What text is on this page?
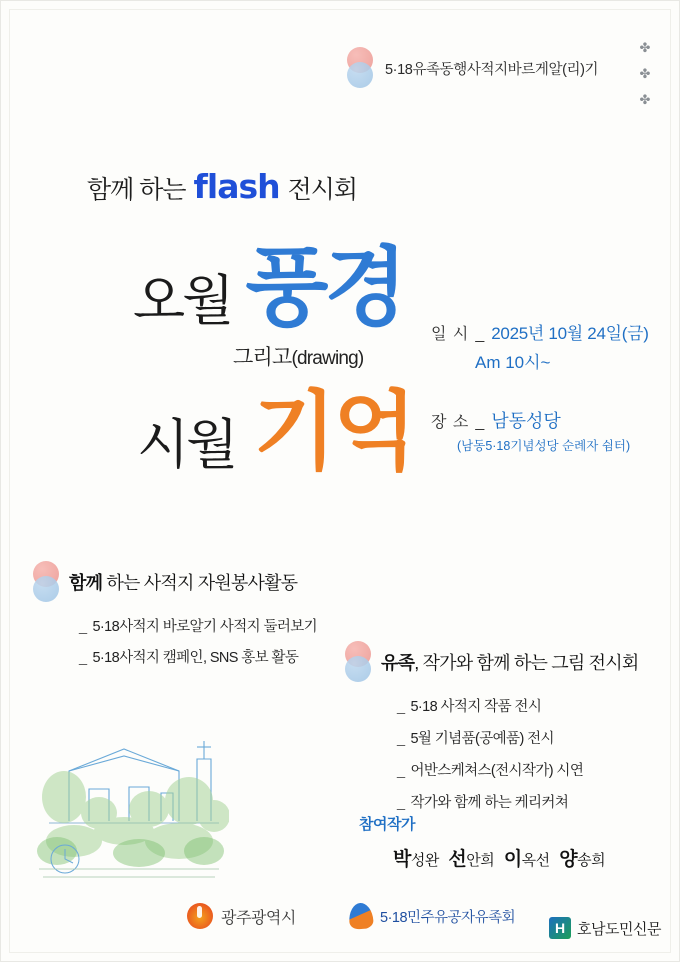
5·18유족동행사적지바르게알(리)기
✤
✤
✤
함께 하는 flash 전시회
오월 풍경
그리고(drawing)
시월 기억
일 시 _ 2025년 10월 24일(금)
Am 10시~
장 소 _ 남동성당
(남동5·18기념성당 순례자 쉼터)
함께 하는 사적지 자원봉사활동
_ 5·18사적지 바로알기 사적지 둘러보기
_ 5·18사적지 캠페인, SNS 홍보 활동	유족, 작가와 함께 하는 그림 전시회
_ 5·18 사적지 작품 전시
_ 5월 기념품(공예품) 전시
_ 어반스케쳐스(전시작가) 시연
_ 작가와 함께 하는 케리커쳐
참여작가
박성완 선안희 이옥선 양송희
광주광역시	5·18민주유공자유족회
H 호남도민신문
